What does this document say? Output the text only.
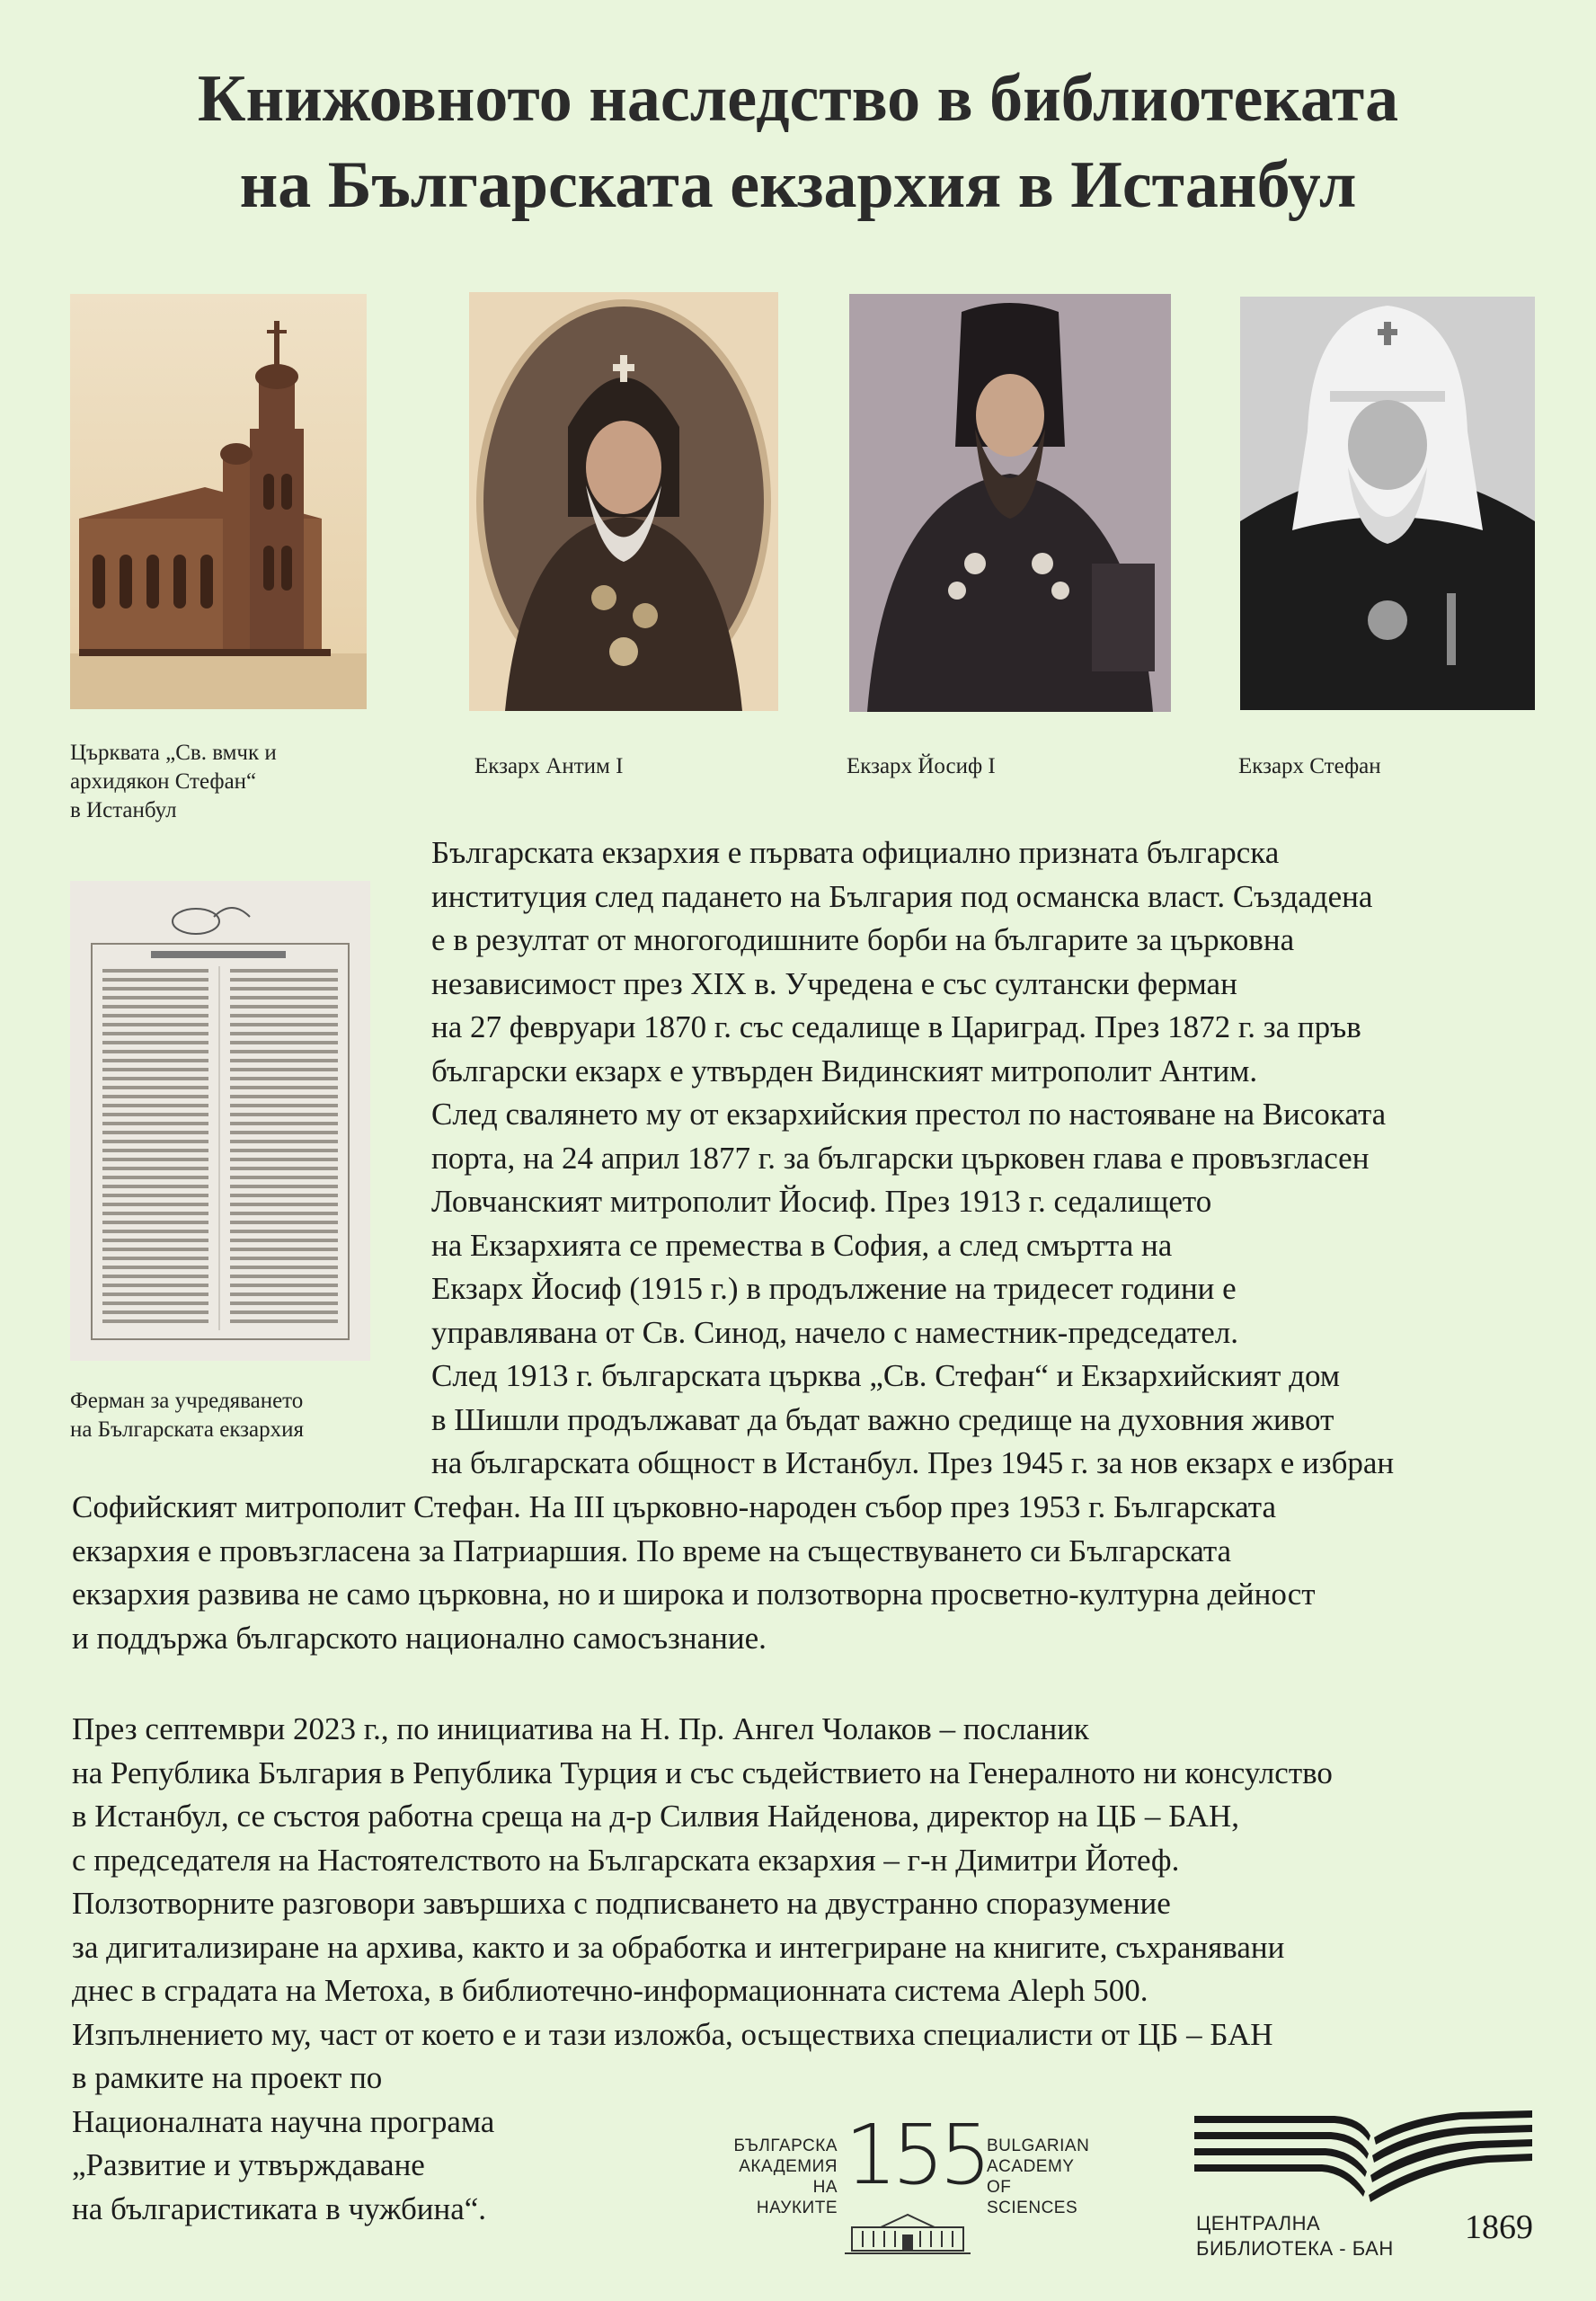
Книжовното наследство в библиотеката
на Българската екзархия в Истанбул
Църквата „Св. вмчк и
архидякон Стефан“
в Истанбул
Екзарх Антим I	Екзарх Йосиф I	Екзарх Стефан
Ферман за учредяването
на Българската екзархия
Българската екзархия е първата официално призната българска
институция след падането на България под османска власт. Създадена
е в резултат от многогодишните борби на българите за църковна
независимост през XIX в. Учредена е със султански ферман
на 27 февруари 1870 г. със седалище в Цариград. През 1872 г. за пръв
български екзарх е утвърден Видинският митрополит Антим.
След свалянето му от екзархийския престол по настояване на Високата
порта, на 24 април 1877 г. за български църковен глава е провъзгласен
Ловчанският митрополит Йосиф. През 1913 г. седалището
на Екзархията се премества в София, а след смъртта на
Екзарх Йосиф (1915 г.) в продължение на тридесет години е
управлявана от Св. Синод, начело с наместник-председател.
След 1913 г. българската църква „Св. Стефан“ и Екзархийският дом
в Шишли продължават да бъдат важно средище на духовния живот
на българската общност в Истанбул. През 1945 г. за нов екзарх е избран
Софийският митрополит Стефан. На III църковно-народен събор през 1953 г. Българската
екзархия е провъзгласена за Патриаршия. По време на съществуването си Българската
екзархия развива не само църковна, но и широка и ползотворна просветно-културна дейност
и поддържа българското национално самосъзнание.
През септември 2023 г., по инициатива на Н. Пр. Ангел Чолаков – посланик
на Република България в Република Турция и със съдействието на Генералното ни консулство
в Истанбул, се състоя работна среща на д-р Силвия Найденова, директор на ЦБ – БАН,
с председателя на Настоятелството на Българската екзархия – г-н Димитри Йотеф.
Ползотворните разговори завършиха с подписването на двустранно споразумение
за дигитализиране на архива, както и за обработка и интегриране на книгите, съхранявани
днес в сградата на Метоха, в библиотечно-информационната система Aleph 500.
Изпълнението му, част от което е и тази изложба, осъществиха специалисти от ЦБ – БАН
в рамките на проект по
Националната научна програма
„Развитие и утвърждаване
на българистиката в чужбина“.
БЪЛГАРСКА
АКАДЕМИЯ
НА НАУКИТЕ
155 BULGARIAN
ACADEMY
OF SCIENCES
ЦЕНТРАЛНА
БИБЛИОТЕКА - БАН
1869
